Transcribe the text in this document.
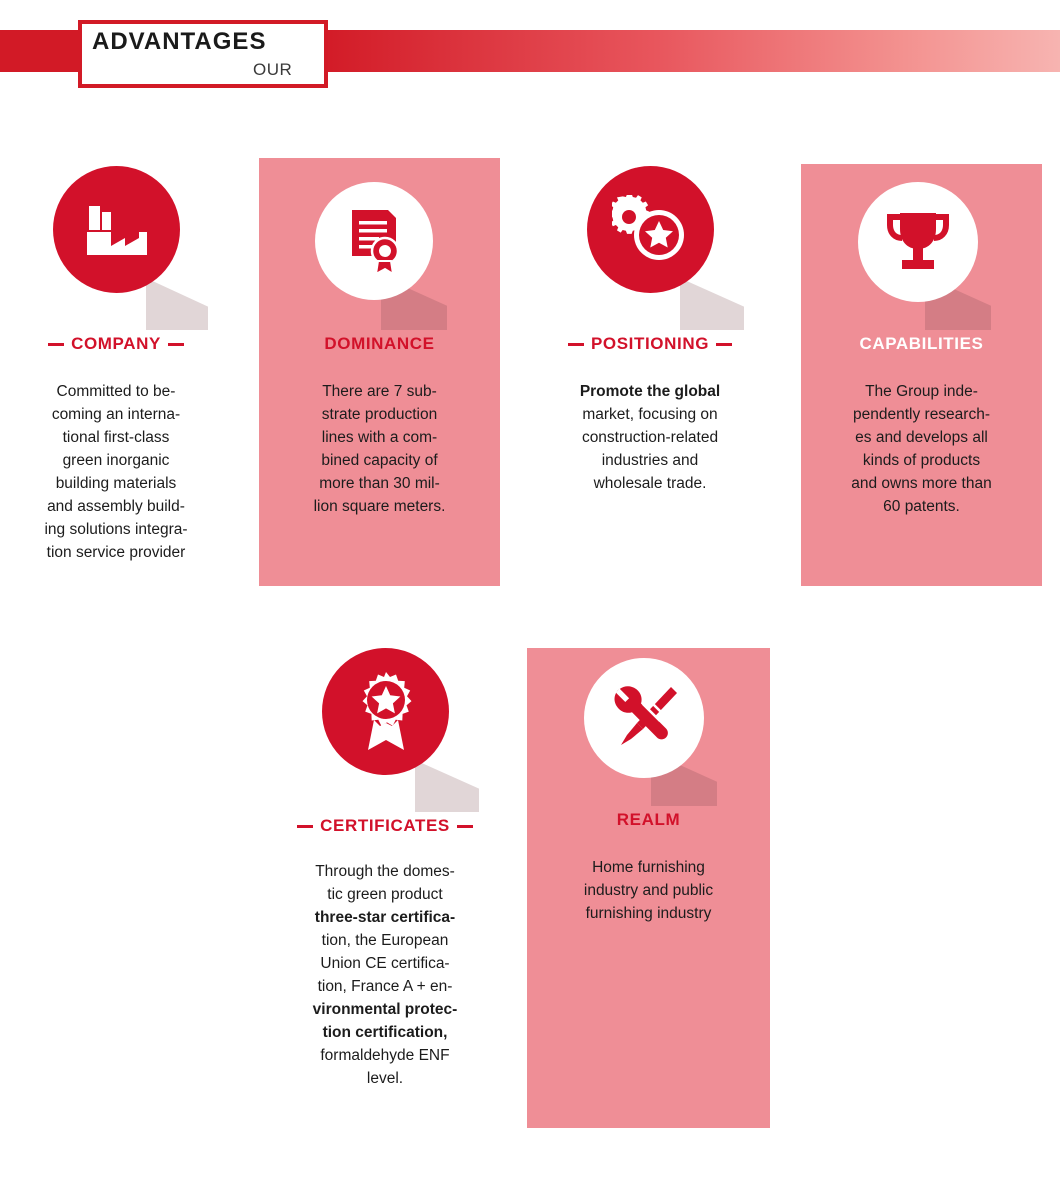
ADVANTAGES
OUR
COMPANY
Committed to be-
coming an interna-
tional first-class
green inorganic
building materials
and assembly build-
ing solutions integra-
tion service provider
DOMINANCE
There are 7 sub-
strate production
lines with a com-
bined capacity of
more than 30 mil-
lion square meters.
POSITIONING
Promote the global
market, focusing on
construction-related
industries and
wholesale trade.
CAPABILITIES
The Group inde-
pendently research-
es and develops all
kinds of products
and owns more than
60 patents.
CERTIFICATES
Through the domes-
tic green product
three-star certifica-
tion, the European
Union CE certifica-
tion, France A + en-
vironmental protec-
tion certification,
formaldehyde ENF
level.
REALM
Home furnishing
industry and public
furnishing industry
